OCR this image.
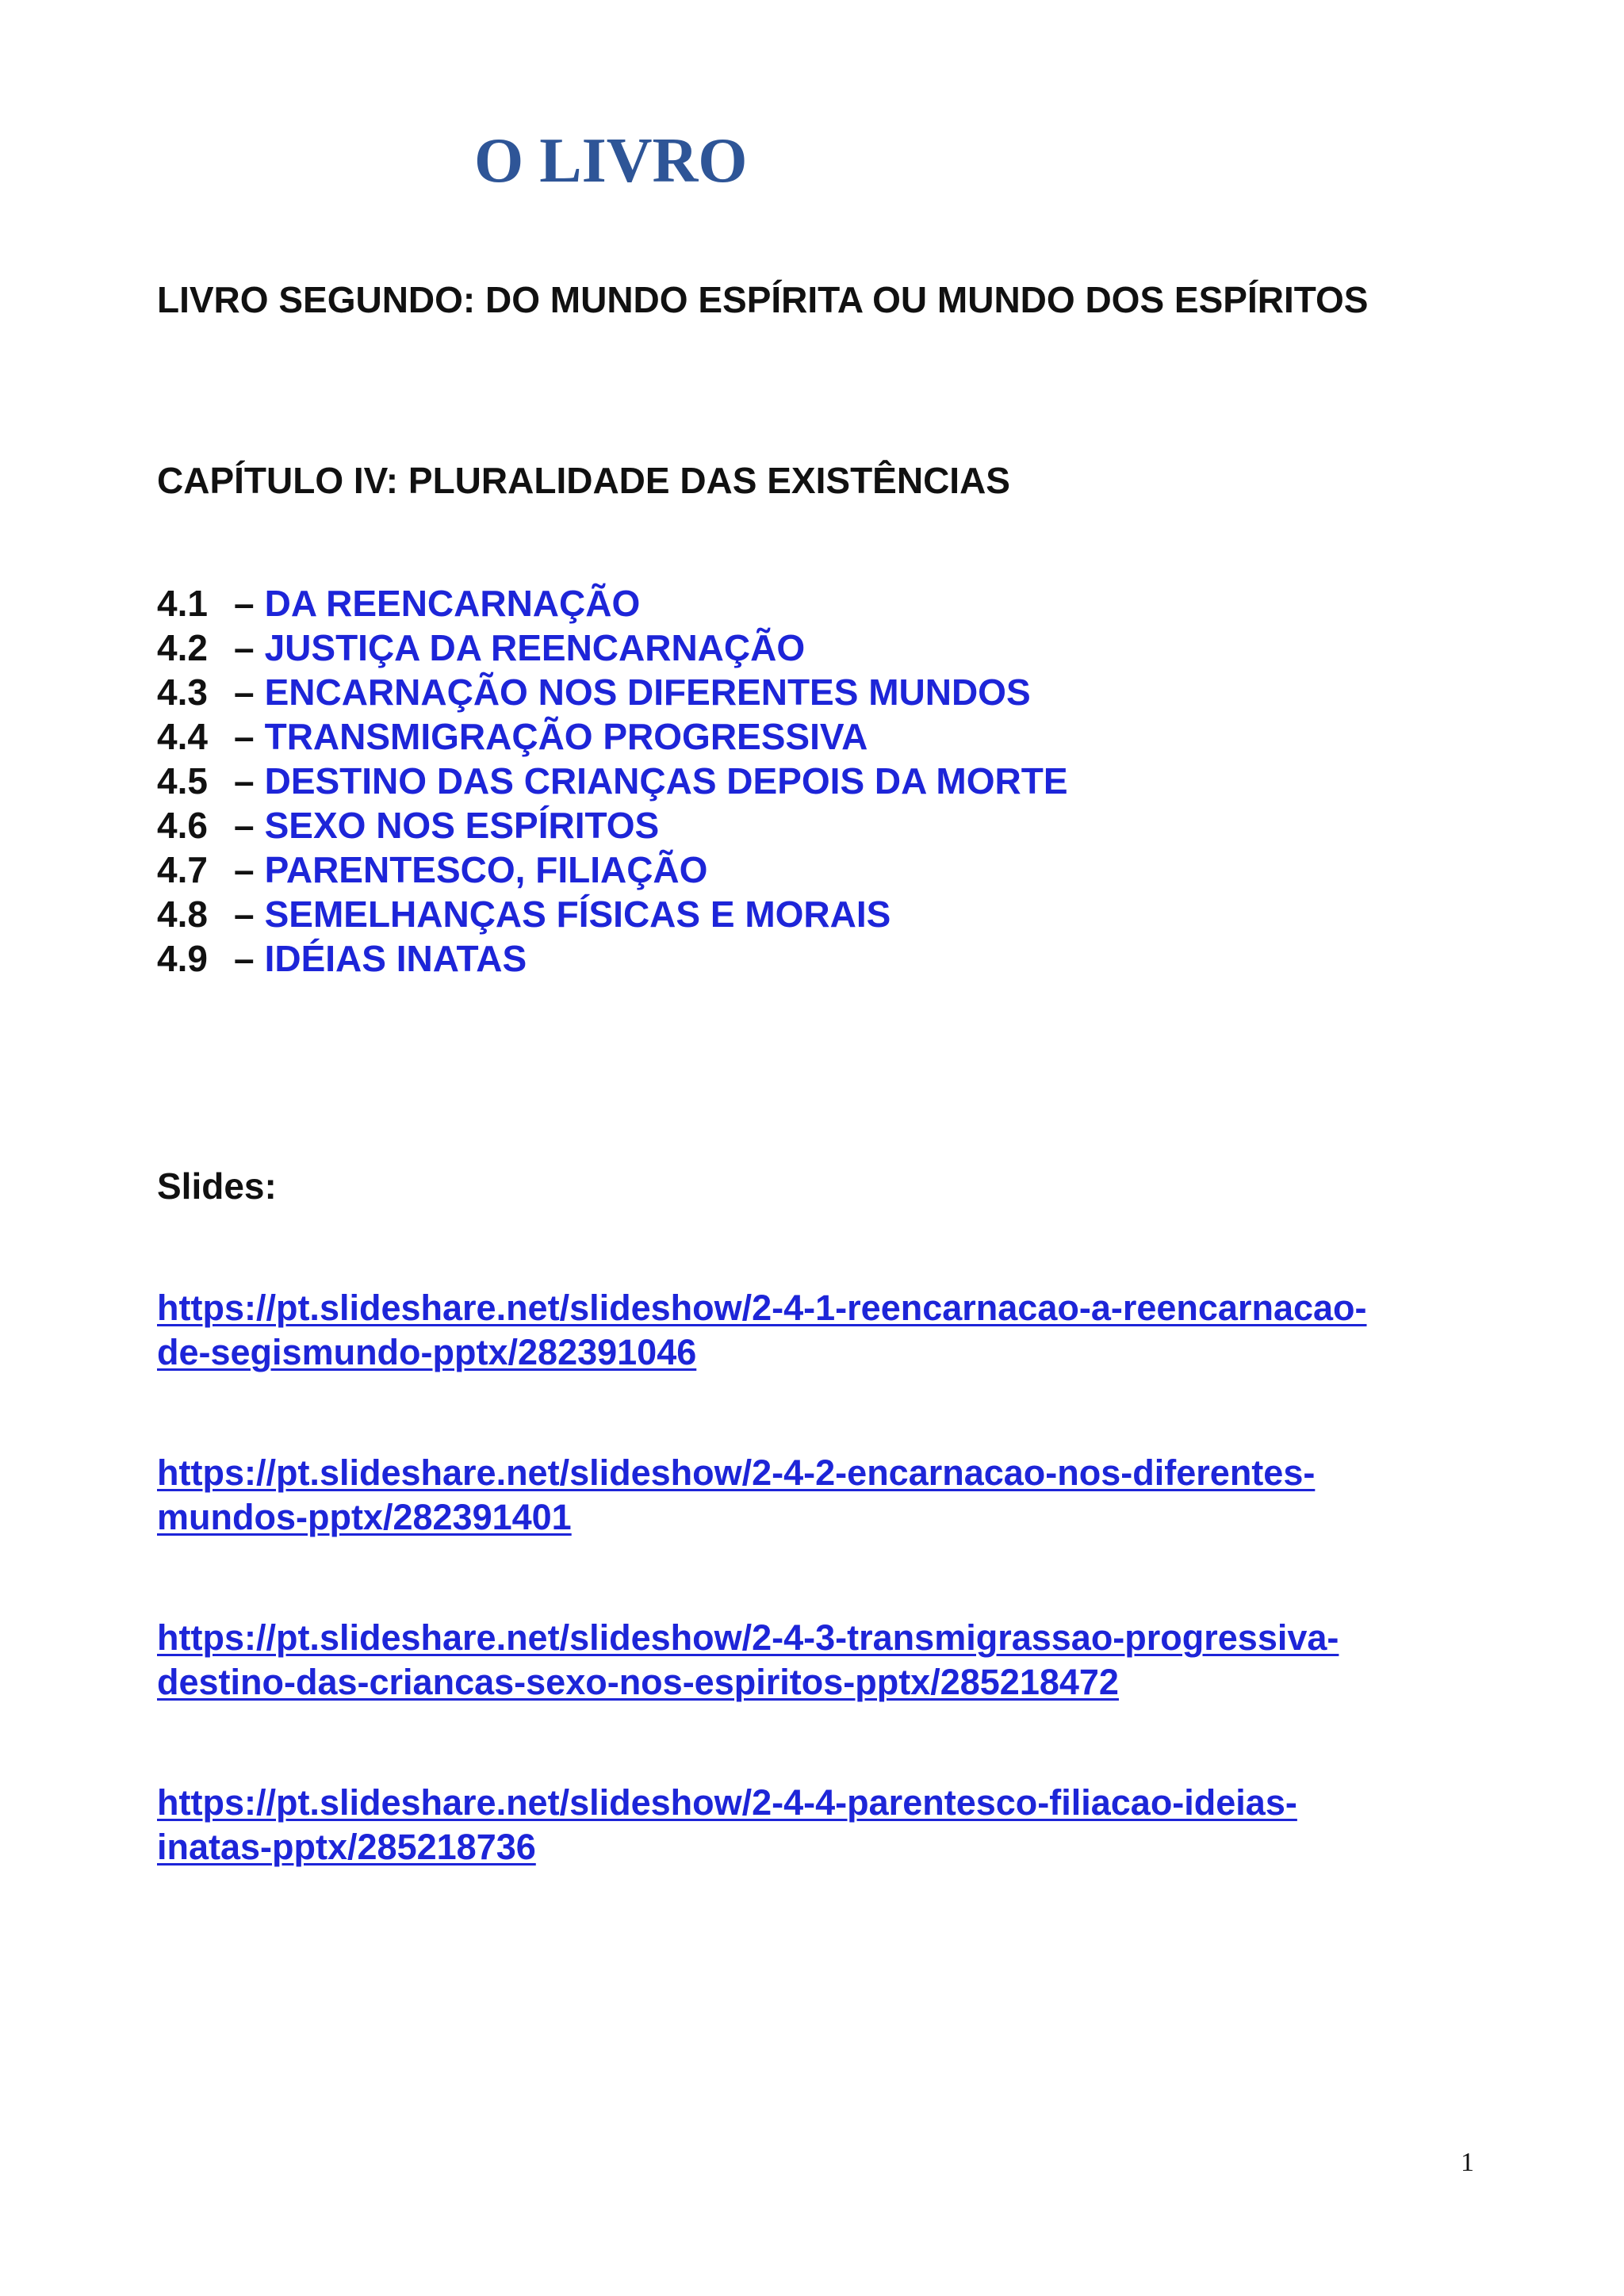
O LIVRO
LIVRO SEGUNDO: DO MUNDO ESPÍRITA OU MUNDO DOS ESPÍRITOS
CAPÍTULO IV: PLURALIDADE DAS EXISTÊNCIAS
4.1 – DA REENCARNAÇÃO
4.2 – JUSTIÇA DA REENCARNAÇÃO
4.3 – ENCARNAÇÃO NOS DIFERENTES MUNDOS
4.4 – TRANSMIGRAÇÃO PROGRESSIVA
4.5 – DESTINO DAS CRIANÇAS DEPOIS DA MORTE
4.6 – SEXO NOS ESPÍRITOS
4.7 – PARENTESCO, FILIAÇÃO
4.8 – SEMELHANÇAS FÍSICAS E MORAIS
4.9 – IDÉIAS INATAS
Slides:
https://pt.slideshare.net/slideshow/2-4-1-reencarnacao-a-reencarnacao-
de-segismundo-pptx/282391046
https://pt.slideshare.net/slideshow/2-4-2-encarnacao-nos-diferentes-
mundos-pptx/282391401
https://pt.slideshare.net/slideshow/2-4-3-transmigrassao-progressiva-
destino-das-criancas-sexo-nos-espiritos-pptx/285218472
https://pt.slideshare.net/slideshow/2-4-4-parentesco-filiacao-ideias-
inatas-pptx/285218736
1
